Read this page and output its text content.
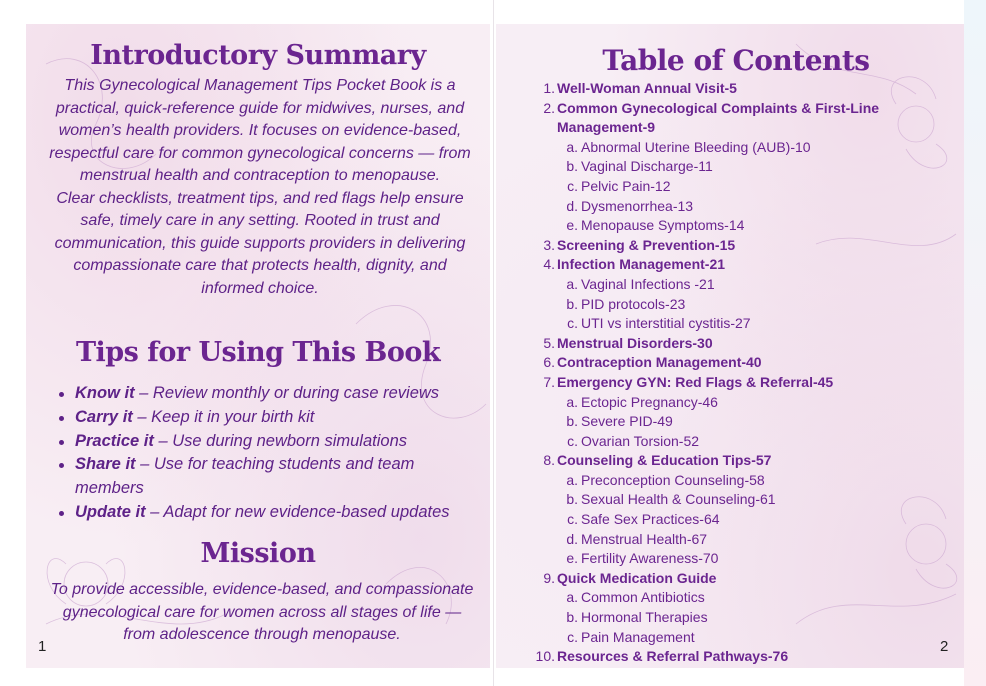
Introductory Summary

This Gynecological Management Tips Pocket Book is a practical, quick-reference guide for midwives, nurses, and women’s health providers. It focuses on evidence-based, respectful care for common gynecological concerns — from menstrual health and contraception to menopause.

Clear checklists, treatment tips, and red flags help ensure safe, timely care in any setting. Rooted in trust and communication, this guide supports providers in delivering compassionate care that protects health, dignity, and informed choice.

Tips for Using This Book
Know it – Review monthly or during case reviews
Carry it – Keep it in your birth kit
Practice it – Use during newborn simulations
Share it – Use for teaching students and team members
Update it – Adapt for new evidence-based updates
Mission
To provide accessible, evidence-based, and compassionate gynecological care for women across all stages of life — from adolescence through menopause.
1
Table of Contents
1. Well-Woman Annual Visit-5
2. Common Gynecological Complaints & First-Line Management-9
a. Abnormal Uterine Bleeding (AUB)-10
b. Vaginal Discharge-11
c. Pelvic Pain-12
d. Dysmenorrhea-13
e. Menopause Symptoms-14
3. Screening & Prevention-15
4. Infection Management-21
a. Vaginal Infections -21
b. PID protocols-23
c. UTI vs interstitial cystitis-27
5. Menstrual Disorders-30
6. Contraception Management-40
7. Emergency GYN: Red Flags & Referral-45
a. Ectopic Pregnancy-46
b. Severe PID-49
c. Ovarian Torsion-52
8. Counseling & Education Tips-57
a. Preconception Counseling-58
b. Sexual Health & Counseling-61
c. Safe Sex Practices-64
d. Menstrual Health-67
e. Fertility Awareness-70
9. Quick Medication Guide
a. Common Antibiotics
b. Hormonal Therapies
c. Pain Management
10. Resources & Referral Pathways-76
2
